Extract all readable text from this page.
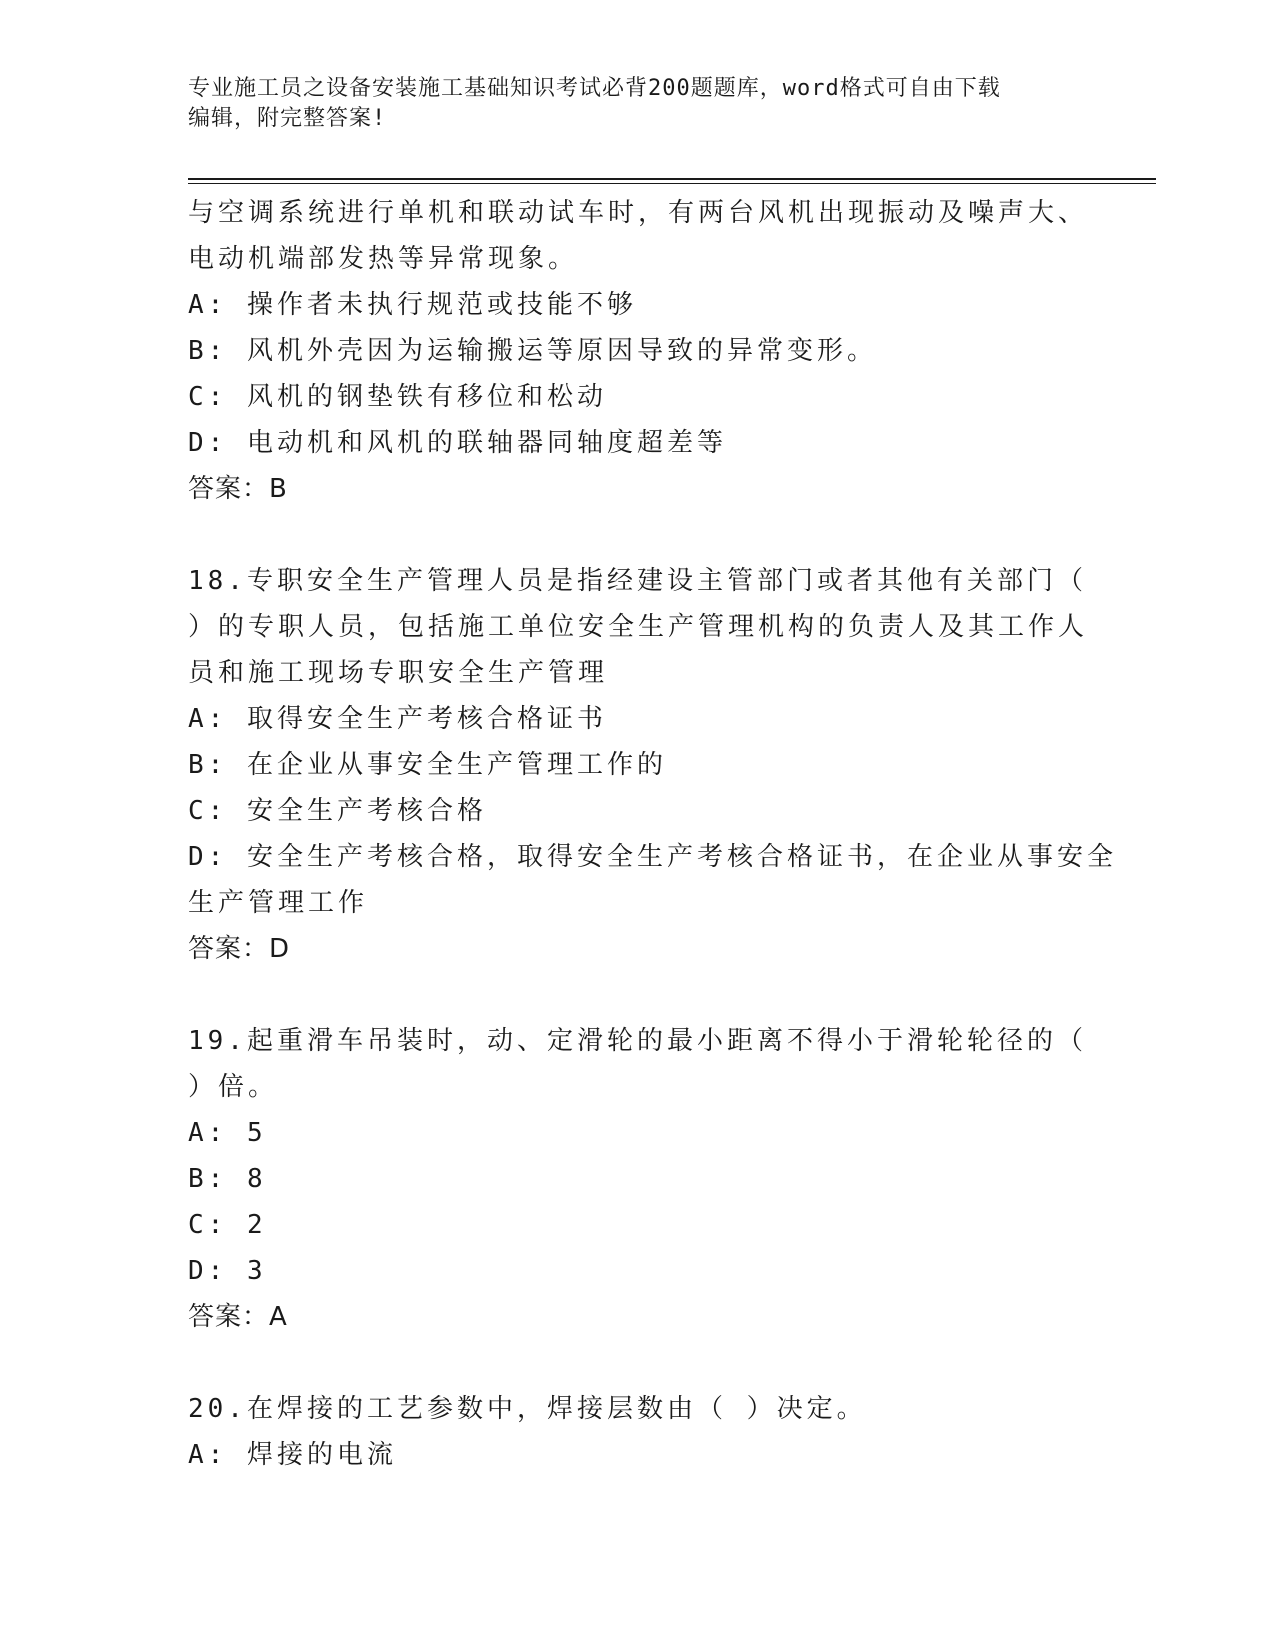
专业施工员之设备安装施工基础知识考试必背200题题库，word格式可自由下载
编辑，附完整答案!
与空调系统进行单机和联动试车时，有两台风机出现振动及噪声大、
电动机端部发热等异常现象。
A: 操作者未执行规范或技能不够
B: 风机外壳因为运输搬运等原因导致的异常变形。
C: 风机的钢垫铁有移位和松动
D: 电动机和风机的联轴器同轴度超差等
答案：B
18.专职安全生产管理人员是指经建设主管部门或者其他有关部门（
）的专职人员，包括施工单位安全生产管理机构的负责人及其工作人
员和施工现场专职安全生产管理
A: 取得安全生产考核合格证书
B: 在企业从事安全生产管理工作的
C: 安全生产考核合格
D: 安全生产考核合格，取得安全生产考核合格证书，在企业从事安全
生产管理工作
答案：D
19.起重滑车吊装时，动、定滑轮的最小距离不得小于滑轮轮径的（
）倍。
A: 5
B: 8
C: 2
D: 3
答案：A
20.在焊接的工艺参数中，焊接层数由（ ）决定。
A: 焊接的电流
